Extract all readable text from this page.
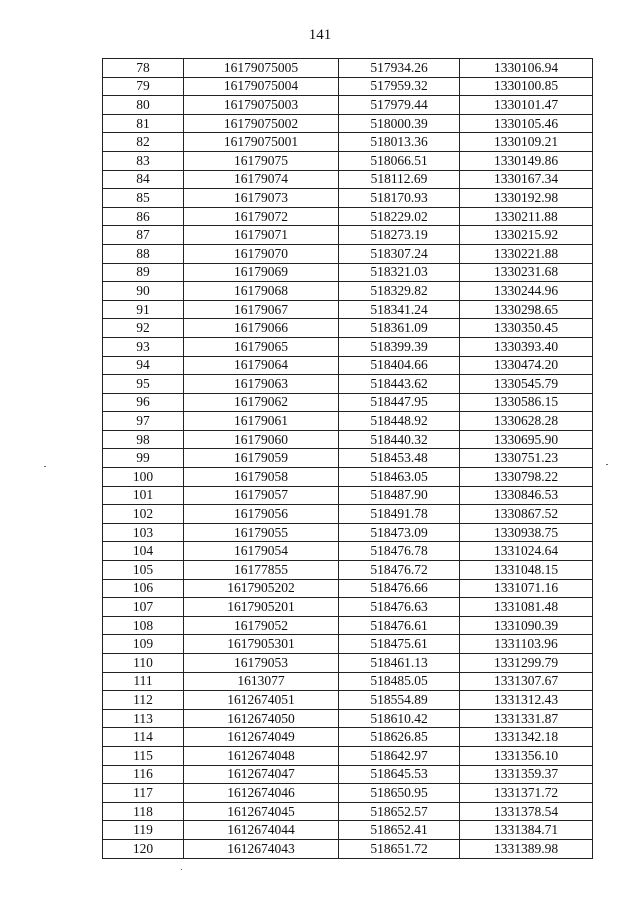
141
78	16179075005	517934.26	1330106.94
79	16179075004	517959.32	1330100.85
80	16179075003	517979.44	1330101.47
81	16179075002	518000.39	1330105.46
82	16179075001	518013.36	1330109.21
83	16179075	518066.51	1330149.86
84	16179074	518112.69	1330167.34
85	16179073	518170.93	1330192.98
86	16179072	518229.02	1330211.88
87	16179071	518273.19	1330215.92
88	16179070	518307.24	1330221.88
89	16179069	518321.03	1330231.68
90	16179068	518329.82	1330244.96
91	16179067	518341.24	1330298.65
92	16179066	518361.09	1330350.45
93	16179065	518399.39	1330393.40
94	16179064	518404.66	1330474.20
95	16179063	518443.62	1330545.79
96	16179062	518447.95	1330586.15
97	16179061	518448.92	1330628.28
98	16179060	518440.32	1330695.90
99	16179059	518453.48	1330751.23
100	16179058	518463.05	1330798.22
101	16179057	518487.90	1330846.53
102	16179056	518491.78	1330867.52
103	16179055	518473.09	1330938.75
104	16179054	518476.78	1331024.64
105	16177855	518476.72	1331048.15
106	1617905202	518476.66	1331071.16
107	1617905201	518476.63	1331081.48
108	16179052	518476.61	1331090.39
109	1617905301	518475.61	1331103.96
110	16179053	518461.13	1331299.79
111	1613077	518485.05	1331307.67
112	1612674051	518554.89	1331312.43
113	1612674050	518610.42	1331331.87
114	1612674049	518626.85	1331342.18
115	1612674048	518642.97	1331356.10
116	1612674047	518645.53	1331359.37
117	1612674046	518650.95	1331371.72
118	1612674045	518652.57	1331378.54
119	1612674044	518652.41	1331384.71
120	1612674043	518651.72	1331389.98
